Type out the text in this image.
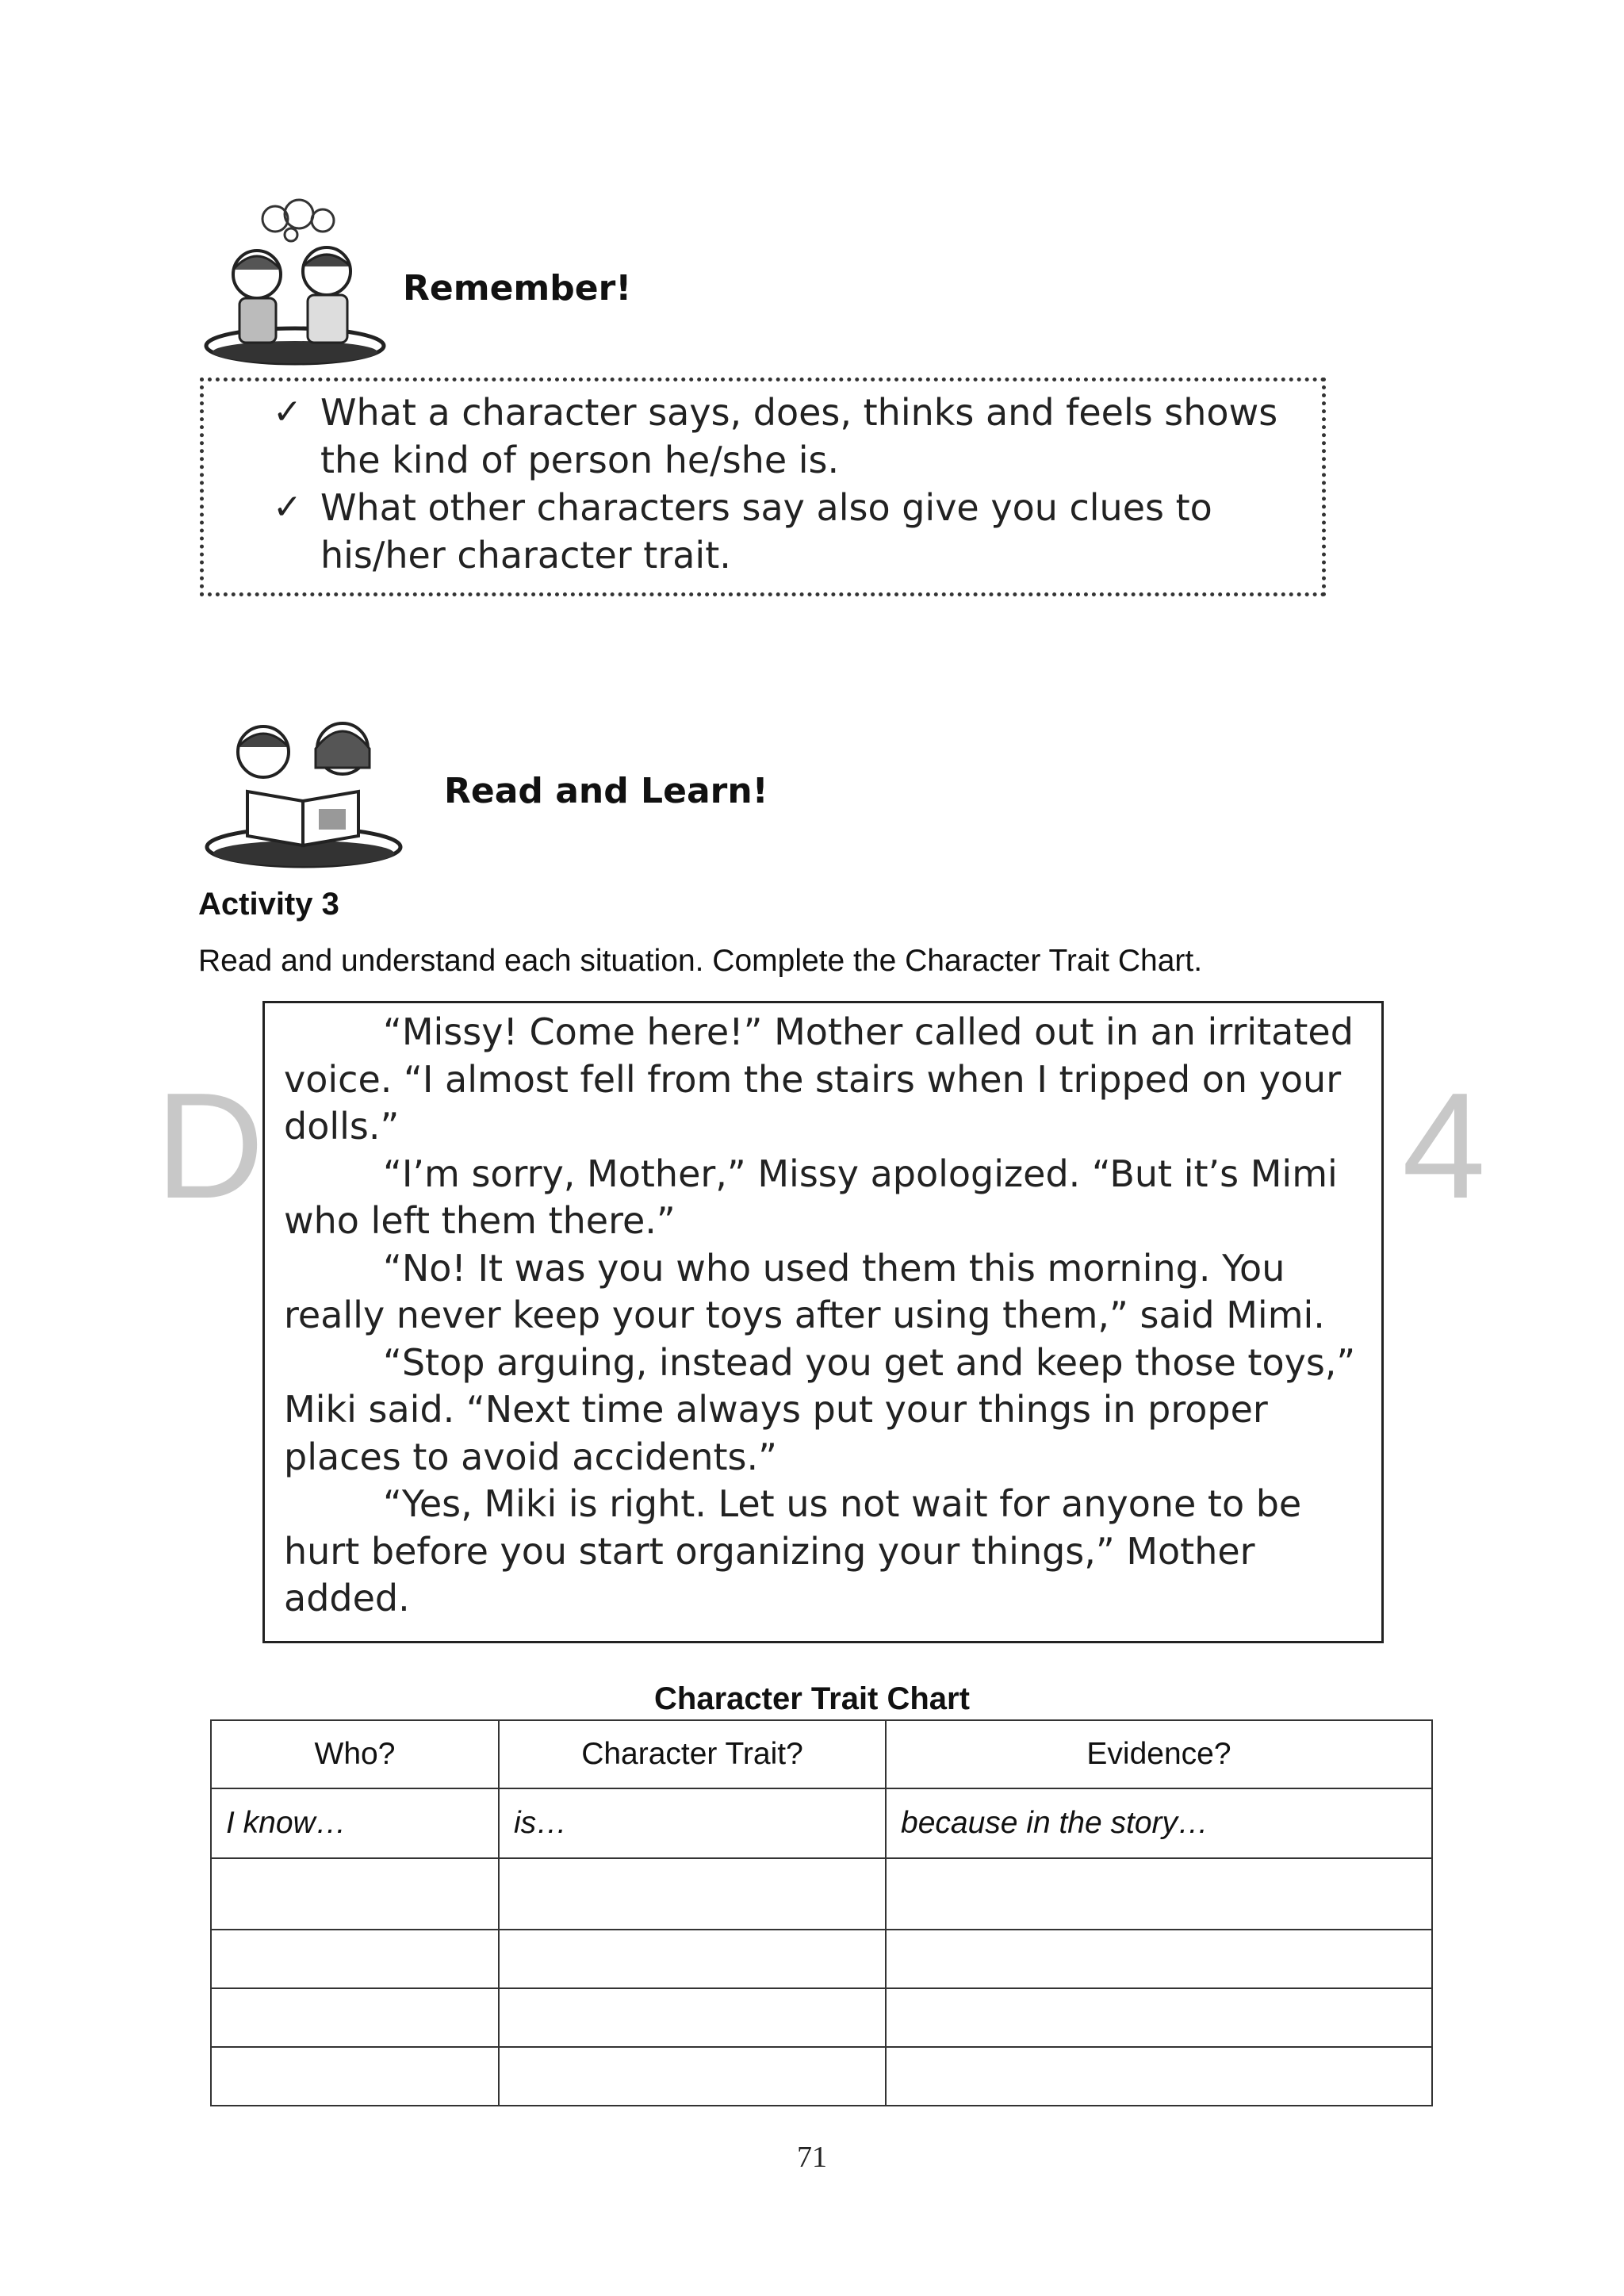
Remember!
✓ What a character says, does, thinks and feels shows the kind of person he/she is.
✓ What other characters say also give you clues to his/her character trait.
Read and Learn!
Activity 3
Read and understand each situation. Complete the Character Trait Chart.
D	4

“Missy! Come here!” Mother called out in an irritated voice. “I almost fell from the stairs when I tripped on your dolls.”

“I’m sorry, Mother,” Missy apologized. “But it’s Mimi who left them there.”

“No! It was you who used them this morning. You really never keep your toys after using them,” said Mimi.

“Stop arguing, instead you get and keep those toys,” Miki said. “Next time always put your things in proper places to avoid accidents.”

“Yes, Miki is right. Let us not wait for anyone to be hurt before you start organizing your things,” Mother added.

Character Trait Chart
Who?	Character Trait?	Evidence?
I know…	is…	because in the story…

71
